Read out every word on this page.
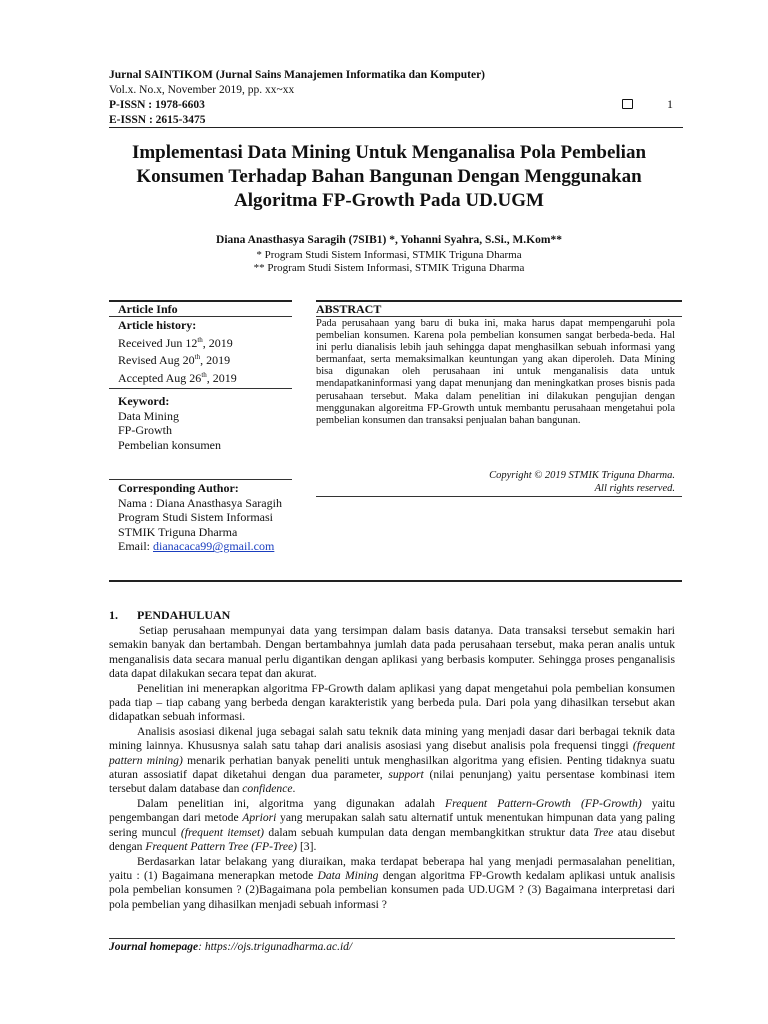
Jurnal SAINTIKOM (Jurnal Sains Manajemen Informatika dan Komputer)
Vol.x. No.x, November 2019, pp. xx~xx
P-ISSN : 1978-6603
E-ISSN : 2615-3475
1
Implementasi Data Mining Untuk Menganalisa Pola Pembelian
Konsumen Terhadap Bahan Bangunan Dengan Menggunakan
Algoritma FP-Growth Pada UD.UGM
Diana Anasthasya Saragih (7SIB1) *, Yohanni Syahra, S.Si., M.Kom**
* Program Studi Sistem Informasi, STMIK Triguna Dharma
** Program Studi Sistem Informasi, STMIK Triguna Dharma
Article Info
Article history:
Received Jun 12th, 2019
Revised Aug 20th, 2019
Accepted Aug 26th, 2019
Keyword:
Data Mining
FP-Growth
Pembelian konsumen
ABSTRACT
Pada perusahaan yang baru di buka ini, maka harus dapat mempengaruhi pola pembelian konsumen. Karena pola pembelian konsumen sangat berbeda-beda. Hal ini perlu dianalisis lebih jauh sehingga dapat menghasilkan sebuah informasi yang bermanfaat, serta memaksimalkan keuntungan yang akan diperoleh. Data Mining bisa digunakan oleh perusahaan ini untuk menganalisis data untuk mendapatkaninformasi yang dapat menunjang dan meningkatkan proses bisnis pada perusahaan tersebut. Maka dalam penelitian ini dilakukan pengujian dengan menggunakan algoreitma FP-Growth untuk membantu perusahaan mengetahui pola pembelian konsumen dan transaksi penjualan bahan bangunan.
Copyright © 2019 STMIK Triguna Dharma.
All rights reserved.
Corresponding Author:
Nama : Diana Anasthasya Saragih
Program Studi Sistem Informasi
STMIK Triguna Dharma
Email: dianacaca99@gmail.com
1. PENDAHULUAN

Setiap perusahaan mempunyai data yang tersimpan dalam basis datanya. Data transaksi tersebut semakin hari semakin banyak dan bertambah. Dengan bertambahnya jumlah data pada perusahaan tersebut, maka peran analis untuk menganalisis data secara manual perlu digantikan dengan aplikasi yang berbasis komputer. Sehingga proses penganalisis data dapat dilakukan secara tepat dan akurat.

Penelitian ini menerapkan algoritma FP-Growth dalam aplikasi yang dapat mengetahui pola pembelian konsumen pada tiap – tiap cabang yang berbeda dengan karakteristik yang berbeda pula. Dari pola yang dihasilkan tersebut akan didapatkan sebuah informasi.

Analisis asosiasi dikenal juga sebagai salah satu teknik data mining yang menjadi dasar dari berbagai teknik data mining lainnya. Khususnya salah satu tahap dari analisis asosiasi yang disebut analisis pola frequensi tinggi (frequent pattern mining) menarik perhatian banyak peneliti untuk menghasilkan algoritma yang efisien. Penting tidaknya suatu aturan assosiatif dapat diketahui dengan dua parameter, support (nilai penunjang) yaitu persentase kombinasi item tersebut dalam database dan confidence.

Dalam penelitian ini, algoritma yang digunakan adalah Frequent Pattern-Growth (FP-Growth) yaitu pengembangan dari metode Apriori yang merupakan salah satu alternatif untuk menentukan himpunan data yang paling sering muncul (frequent itemset) dalam sebuah kumpulan data dengan membangkitkan struktur data Tree atau disebut dengan Frequent Pattern Tree (FP-Tree) [3].

Berdasarkan latar belakang yang diuraikan, maka terdapat beberapa hal yang menjadi permasalahan penelitian, yaitu : (1) Bagaimana menerapkan metode Data Mining dengan algoritma FP-Growth kedalam aplikasi untuk analisis pola pembelian konsumen ? (2)Bagaimana pola pembelian konsumen pada UD.UGM ? (3) Bagaimana interpretasi dari pola pembelian yang dihasilkan menjadi sebuah informasi ?

Journal homepage: https://ojs.trigunadharma.ac.id/
